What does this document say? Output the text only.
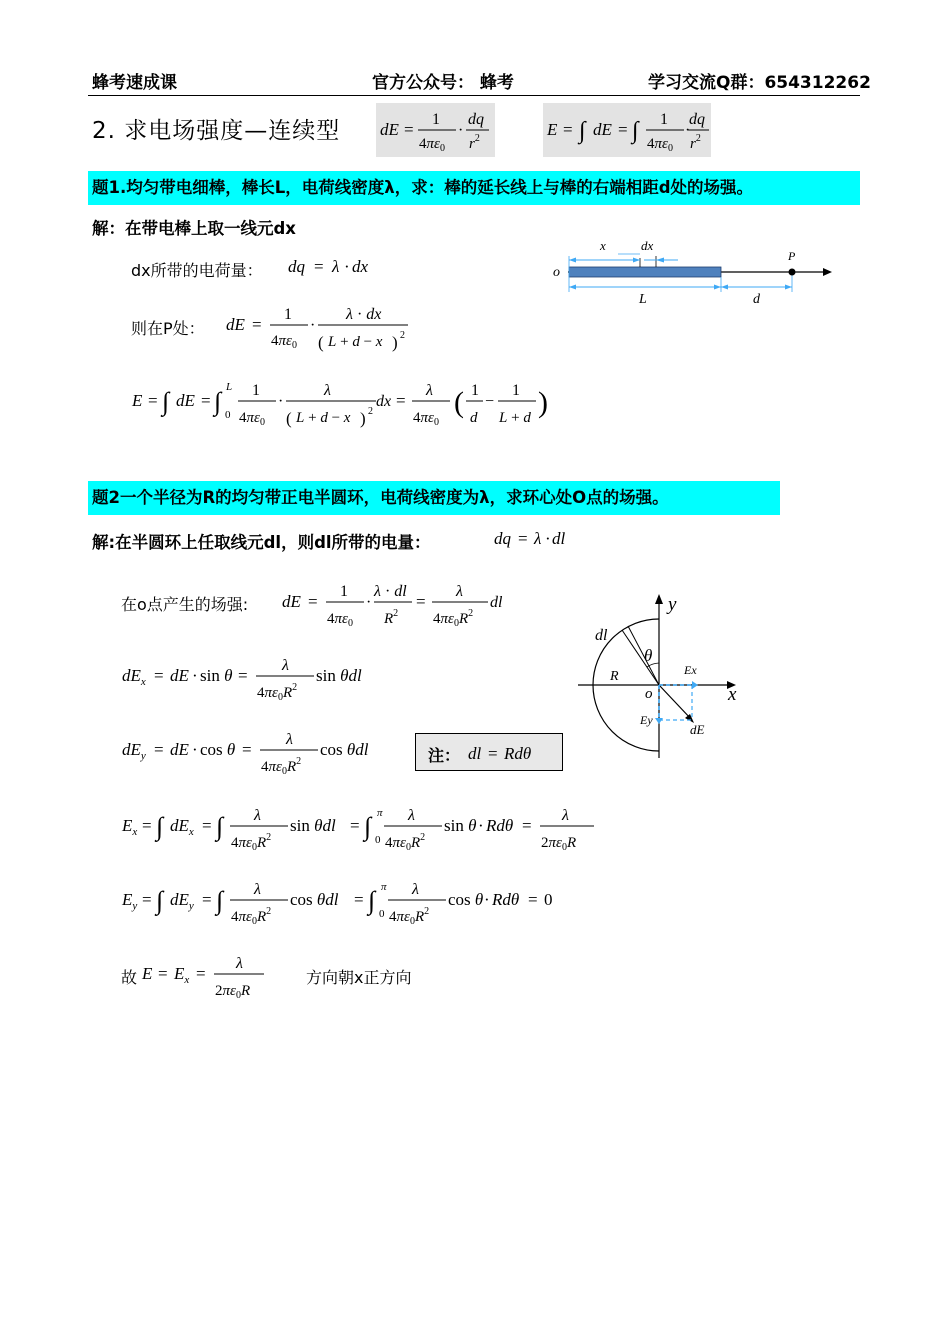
蜂考速成课	官方公众号： 蜂考	学习交流Q群：654312262
2. 求电场强度—连续型 dE =
1
$4\pi\varepsilon_0$
·
dq
$r^2$	E = ∫ dE = ∫ 1
$4\pi\varepsilon_0$
·
dq
$r^2$
题1.均匀带电细棒，棒长L，电荷线密度λ，求：棒的延长线上与棒的右端相距d处的场强。
解：在带电棒上取一线元dx
dx所带的电荷量： dq = λ · dx
则在P处： dE =
1
$4\pi\varepsilon_0$
·
λ · dx
( L + d − x ) 2
E = ∫ dE = ∫ L
0
1
$4\pi\varepsilon_0$
·
λ
( L + d − x ) 2
dx =
λ
$4\pi\varepsilon_0$
( 1
d
−
1
L + d )
x	dx
P
o
L	d
题2一个半径为R的均匀带正电半圆环，电荷线密度为λ，求环心处O点的场强。
解:在半圆环上任取线元dl，则dl所带的电量：	dq = λ · dl
在o点产生的场强: dE =
1
$4\pi\varepsilon_0$
·
λ · dl
$R^2$
=
λ
$4\pi\varepsilon_0R^2$
dl
$dE_x$ = dE · sin θ =
λ
$4\pi\varepsilon_0R^2$
sin θdl
$dE_y$ = dE · cos θ =
λ
$4\pi\varepsilon_0R^2$
cos θdl	注： dl = Rdθ
$E_x$ = ∫ $dE_x$ = ∫ λ
$4\pi\varepsilon_0R^2$
sin θdl = ∫ π
0
λ
$4\pi\varepsilon_0R^2$
sin θ · Rdθ =
λ
$2\pi\varepsilon_0R$
$E_y$ = ∫ $dE_y$ = ∫ λ
$4\pi\varepsilon_0R^2$
cos θdl = ∫ π
0
λ
$4\pi\varepsilon_0R^2$
cos θ · Rdθ = 0
故 $E = E_x$ =
λ
$2\pi\varepsilon_0R$
方向朝x正方向
y
x
dl
θ
R
o
Ex
Ey
dE
